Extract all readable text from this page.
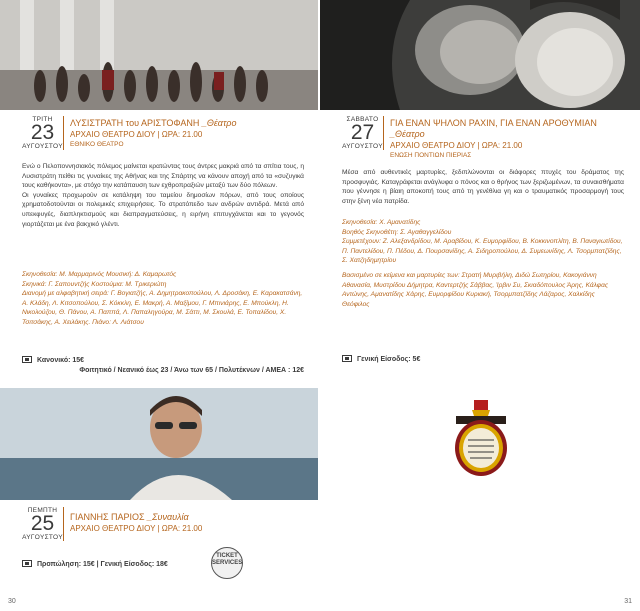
ΤΡΙΤΗ
23
ΑΥΓΟΥΣΤΟΥ
ΛΥΣΙΣΤΡΑΤΗ του ΑΡΙΣΤΟΦΑΝΗ _Θέατρο
ΑΡΧΑΙΟ ΘΕΑΤΡΟ ΔΙΟΥ | ΩΡΑ: 21.00
ΕΘΝΙΚΟ ΘΕΑΤΡΟ

Ενώ ο Πελοποννησιακός πόλεμος μαίνεται κρατώντας τους άντρες μακριά από τα σπίτια τους, η Λυσιστράτη πείθει τις γυναίκες της Αθήνας και της Σπάρτης να κάνουν αποχή από τα «συζυγικά τους καθήκοντα», με στόχο την κατάπαυση των εχθροπραξιών μεταξύ των δύο πόλεων.

Οι γυναίκες προχωρούν σε κατάληψη του ταμείου δημοσίων πόρων, από τους οποίους χρηματοδοτούνται οι πολεμικές επιχειρήσεις. Το στρατόπεδο των ανδρών αντιδρά. Μετά από υπεκφυγές, διαπληκτισμούς και διαπραγματεύσεις, η ειρήνη επιτυγχάνεται και το γεγονός γιορτάζεται με ένα βακχικό γλέντι.

Σκηνοθεσία: Μ. Μαρμαρινός Μουσική: Δ. Καμαρωτός

Σκηνικά: Γ. Σαπουντζής Κοστούμια: Μ. Τρικεριώτη

Διανομή με αλφαβητική σειρά: Γ. Βογιατζής, Α. Δημητρακοπούλου, Λ. Δροσάκη, Ε. Καρακατσάνη, Α. Κλάδη, Λ. Κιτσοπούλου, Σ. Κόκκλη, Ε. Μακρή, Α. Μαξίμου, Γ. Μπινιάρης, Ε. Μπούκλη, Η. Νικολούζου, Θ. Πάνου, Α. Παππά, Λ. Παπαληγούρα, Μ. Σάττι, Μ. Σκουλά, Ε. Τοπαλίδου, Χ. Τσιτσάκης, Α. Χειλάκης. Πιάνο: Λ. Λιάτσου

Κανονικό: 15€
Φοιτητικό / Νεανικό έως 23 / Άνω των 65 / Πολυτέκνων / ΑΜΕΑ : 12€
ΠΕΜΠΤΗ
25
ΑΥΓΟΥΣΤΟΥ
ΓΙΑΝΝΗΣ ΠΑΡΙΟΣ _Συναυλία
ΑΡΧΑΙΟ ΘΕΑΤΡΟ ΔΙΟΥ | ΩΡΑ: 21.00
Προπώληση: 15€ | Γενική Είσοδος: 18€
TICKET SERVICES
30
ΣΑΒΒΑΤΟ
27
ΑΥΓΟΥΣΤΟΥ
ΓΙΑ ΕΝΑΝ ΨΗΛΟΝ ΡΑΧΙΝ, ΓΙΑ ΕΝΑΝ ΑΡΟΘΥΜΙΑΝ _Θέατρο
ΑΡΧΑΙΟ ΘΕΑΤΡΟ ΔΙΟΥ | ΩΡΑ: 21.00
ΕΝΩΣΗ ΠΟΝΤΙΩΝ ΠΙΕΡΙΑΣ

Μέσα από αυθεντικές μαρτυρίες, ξεδιπλώνονται οι διάφορες πτυχές του δράματος της προσφυγιάς. Καταγράφεται ανάγλυφα ο πόνος και ο θρήνος των ξεριζωμένων, τα συναισθήματα που γέννησε η βίαιη αποκοπή τους από τη γενέθλια γη και ο τραυματικός προσαρμογή τους στην ξένη νέα πατρίδα.

Σκηνοθεσία: Χ. Αμανατίδης

Βοηθός Σκηνοθέτη: Σ. Αγαθαγγελίδου

Συμμετέχουν: Ζ. Αλεξανδρίδου, Μ. Αραβίδου, Κ. Ευμορφίδου, Β. Κοκκινοπλίτη, Β. Παναγιωτίδου, Π. Παντελίδου, Π. Πέδου, Δ. Πουρσανίδης, Α. Σιδηροπούλου, Δ. Συμεωνίδης, Λ. Τσορμπατζίδης, Σ. Χατζηδημητρίου

Βασισμένο σε κείμενα και μαρτυρίες των: Στρατή Μυριβήλη, Διδώ Σωτηρίου, Κακογιάννη Αθανασία, Μυστρίδου Δήμητρα, Καντερτζής Σάββας, Ίρβιν Συ, Σκιαδόπουλος Άρης, Κάλφας Αντώνης, Αμανατίδης Χάρης, Ευμορφίδου Κυριακή, Τσορμπατζίδης Λάζαρος, Χαλκίδης Θεόφιλος

Γενική Είσοδος: 5€
31
